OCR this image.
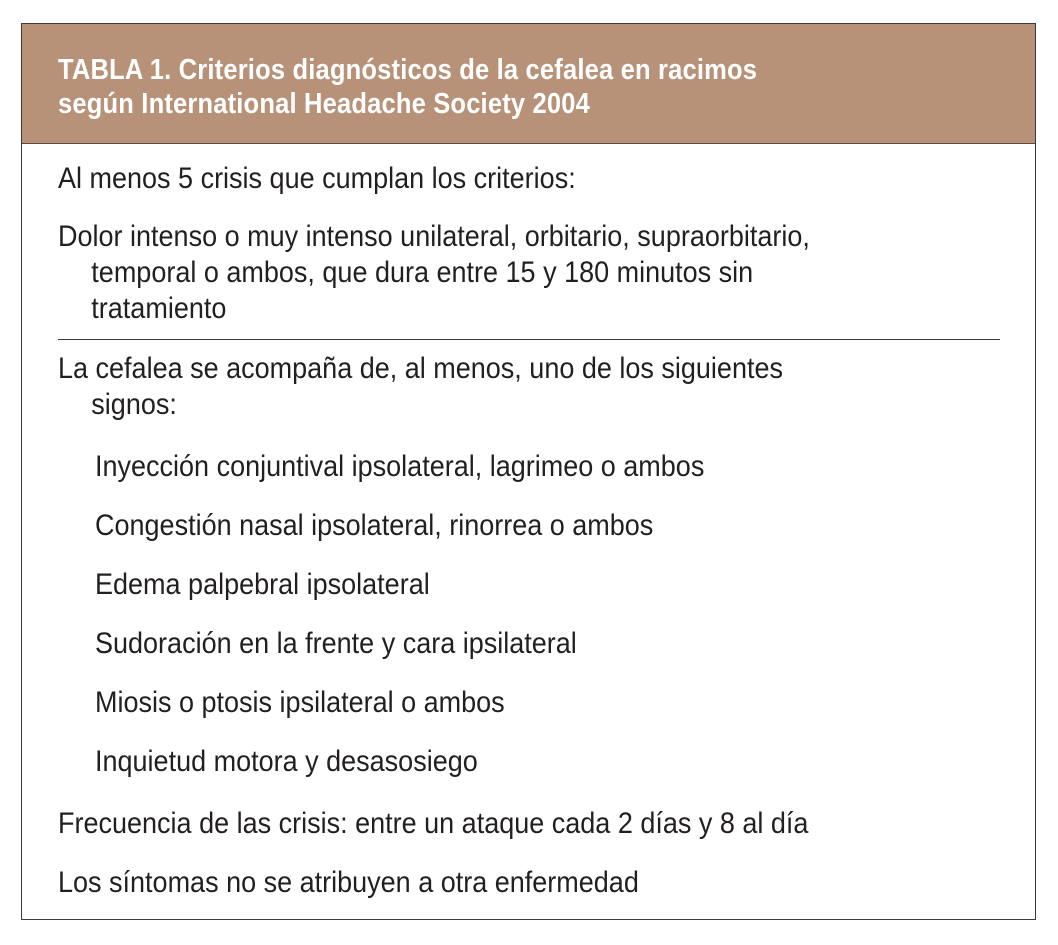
TABLA 1. Criterios diagnósticos de la cefalea en racimos
según International Headache Society 2004

Al menos 5 crisis que cumplan los criterios:

Dolor intenso o muy intenso unilateral, orbitario, supraorbitario,
temporal o ambos, que dura entre 15 y 180 minutos sin
tratamiento
La cefalea se acompaña de, al menos, uno de los siguientes
signos:

Inyección conjuntival ipsolateral, lagrimeo o ambos

Congestión nasal ipsolateral, rinorrea o ambos

Edema palpebral ipsolateral

Sudoración en la frente y cara ipsilateral

Miosis o ptosis ipsilateral o ambos

Inquietud motora y desasosiego

Frecuencia de las crisis: entre un ataque cada 2 días y 8 al día

Los síntomas no se atribuyen a otra enfermedad
